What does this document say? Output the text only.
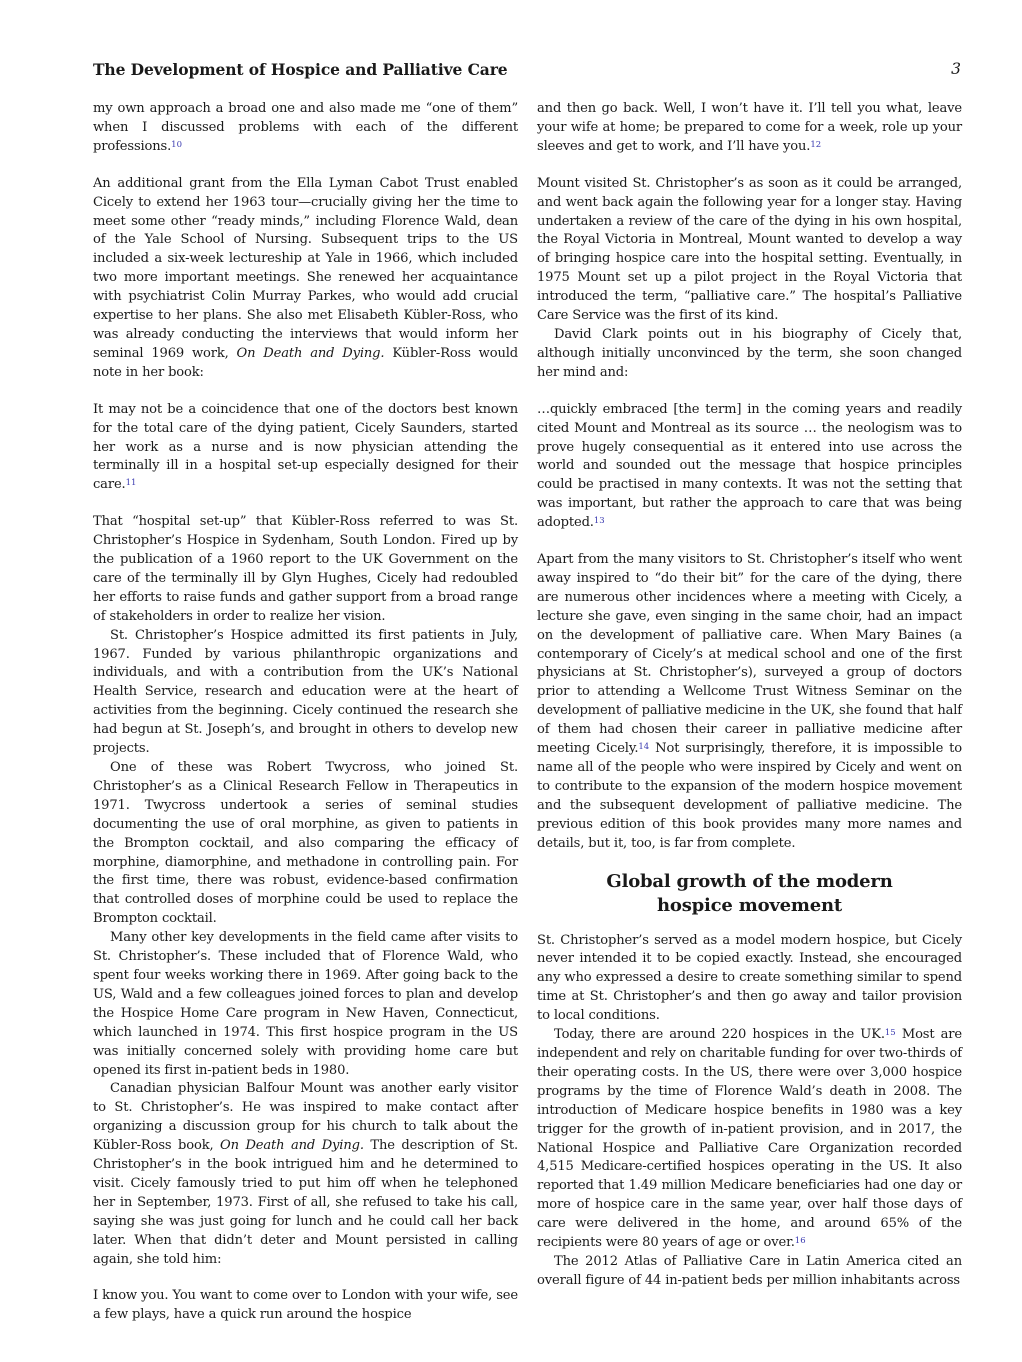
The Development of Hospice and Palliative Care	3

my own approach a broad one and also made me “one of them” when I discussed problems with each of the different professions.$^{10}$

An additional grant from the Ella Lyman Cabot Trust enabled Cicely to extend her 1963 tour—crucially giving her the time to meet some other “ready minds,” including Florence Wald, dean of the Yale School of Nursing. Subsequent trips to the US included a six-week lectureship at Yale in 1966, which included two more important meetings. She renewed her acquaintance with psychiatrist Colin Murray Parkes, who would add crucial expertise to her plans. She also met Elisabeth Kübler-Ross, who was already conducting the interviews that would inform her seminal 1969 work, On Death and Dying. Kübler-Ross would note in her book:

It may not be a coincidence that one of the doctors best known for the total care of the dying patient, Cicely Saunders, started her work as a nurse and is now physician attending the terminally ill in a hospital set-up especially designed for their care.$^{11}$

That “hospital set-up” that Kübler-Ross referred to was St. Christopher’s Hospice in Sydenham, South London. Fired up by the publication of a 1960 report to the UK Government on the care of the terminally ill by Glyn Hughes, Cicely had redoubled her efforts to raise funds and gather support from a broad range of stakeholders in order to realize her vision.

St. Christopher’s Hospice admitted its first patients in July, 1967. Funded by various philanthropic organizations and individuals, and with a contribution from the UK’s National Health Service, research and education were at the heart of activities from the beginning. Cicely continued the research she had begun at St. Joseph’s, and brought in others to develop new projects.

One of these was Robert Twycross, who joined St. Christopher’s as a Clinical Research Fellow in Therapeutics in 1971. Twycross undertook a series of seminal studies documenting the use of oral morphine, as given to patients in the Brompton cocktail, and also comparing the efficacy of morphine, diamorphine, and methadone in controlling pain. For the first time, there was robust, evidence-based confirmation that controlled doses of morphine could be used to replace the Brompton cocktail.

Many other key developments in the field came after visits to St. Christopher’s. These included that of Florence Wald, who spent four weeks working there in 1969. After going back to the US, Wald and a few colleagues joined forces to plan and develop the Hospice Home Care program in New Haven, Connecticut, which launched in 1974. This first hospice program in the US was initially concerned solely with providing home care but opened its first in-patient beds in 1980.

Canadian physician Balfour Mount was another early visitor to St. Christopher’s. He was inspired to make contact after organizing a discussion group for his church to talk about the Kübler-Ross book, On Death and Dying. The description of St. Christopher’s in the book intrigued him and he determined to visit. Cicely famously tried to put him off when he telephoned her in September, 1973. First of all, she refused to take his call, saying she was just going for lunch and he could call her back later. When that didn’t deter and Mount persisted in calling again, she told him:

I know you. You want to come over to London with your wife, see a few plays, have a quick run around the hospice

and then go back. Well, I won’t have it. I’ll tell you what, leave your wife at home; be prepared to come for a week, role up your sleeves and get to work, and I’ll have you.$^{12}$

Mount visited St. Christopher’s as soon as it could be arranged, and went back again the following year for a longer stay. Having undertaken a review of the care of the dying in his own hospital, the Royal Victoria in Montreal, Mount wanted to develop a way of bringing hospice care into the hospital setting. Eventually, in 1975 Mount set up a pilot project in the Royal Victoria that introduced the term, “palliative care.” The hospital’s Palliative Care Service was the first of its kind.

David Clark points out in his biography of Cicely that, although initially unconvinced by the term, she soon changed her mind and:

…quickly embraced [the term] in the coming years and readily cited Mount and Montreal as its source … the neologism was to prove hugely consequential as it entered into use across the world and sounded out the message that hospice principles could be practised in many contexts. It was not the setting that was important, but rather the approach to care that was being adopted.$^{13}$

Apart from the many visitors to St. Christopher’s itself who went away inspired to “do their bit” for the care of the dying, there are numerous other incidences where a meeting with Cicely, a lecture she gave, even singing in the same choir, had an impact on the development of palliative care. When Mary Baines (a contemporary of Cicely’s at medical school and one of the first physicians at St. Christopher’s), surveyed a group of doctors prior to attending a Wellcome Trust Witness Seminar on the development of palliative medicine in the UK, she found that half of them had chosen their career in palliative medicine after meeting Cicely.$^{14}$ Not surprisingly, therefore, it is impossible to name all of the people who were inspired by Cicely and went on to contribute to the expansion of the modern hospice movement and the subsequent development of palliative medicine. The previous edition of this book provides many more names and details, but it, too, is far from complete.

Global growth of the modern
hospice movement

St. Christopher’s served as a model modern hospice, but Cicely never intended it to be copied exactly. Instead, she encouraged any who expressed a desire to create something similar to spend time at St. Christopher’s and then go away and tailor provision to local conditions.

Today, there are around 220 hospices in the UK.$^{15}$ Most are independent and rely on charitable funding for over two-thirds of their operating costs. In the US, there were over 3,000 hospice programs by the time of Florence Wald’s death in 2008. The introduction of Medicare hospice benefits in 1980 was a key trigger for the growth of in-patient provision, and in 2017, the National Hospice and Palliative Care Organization recorded 4,515 Medicare-certified hospices operating in the US. It also reported that 1.49 million Medicare beneficiaries had one day or more of hospice care in the same year, over half those days of care were delivered in the home, and around 65% of the recipients were 80 years of age or over.$^{16}$

The 2012 Atlas of Palliative Care in Latin America cited an overall figure of 44 in-patient beds per million inhabitants across
